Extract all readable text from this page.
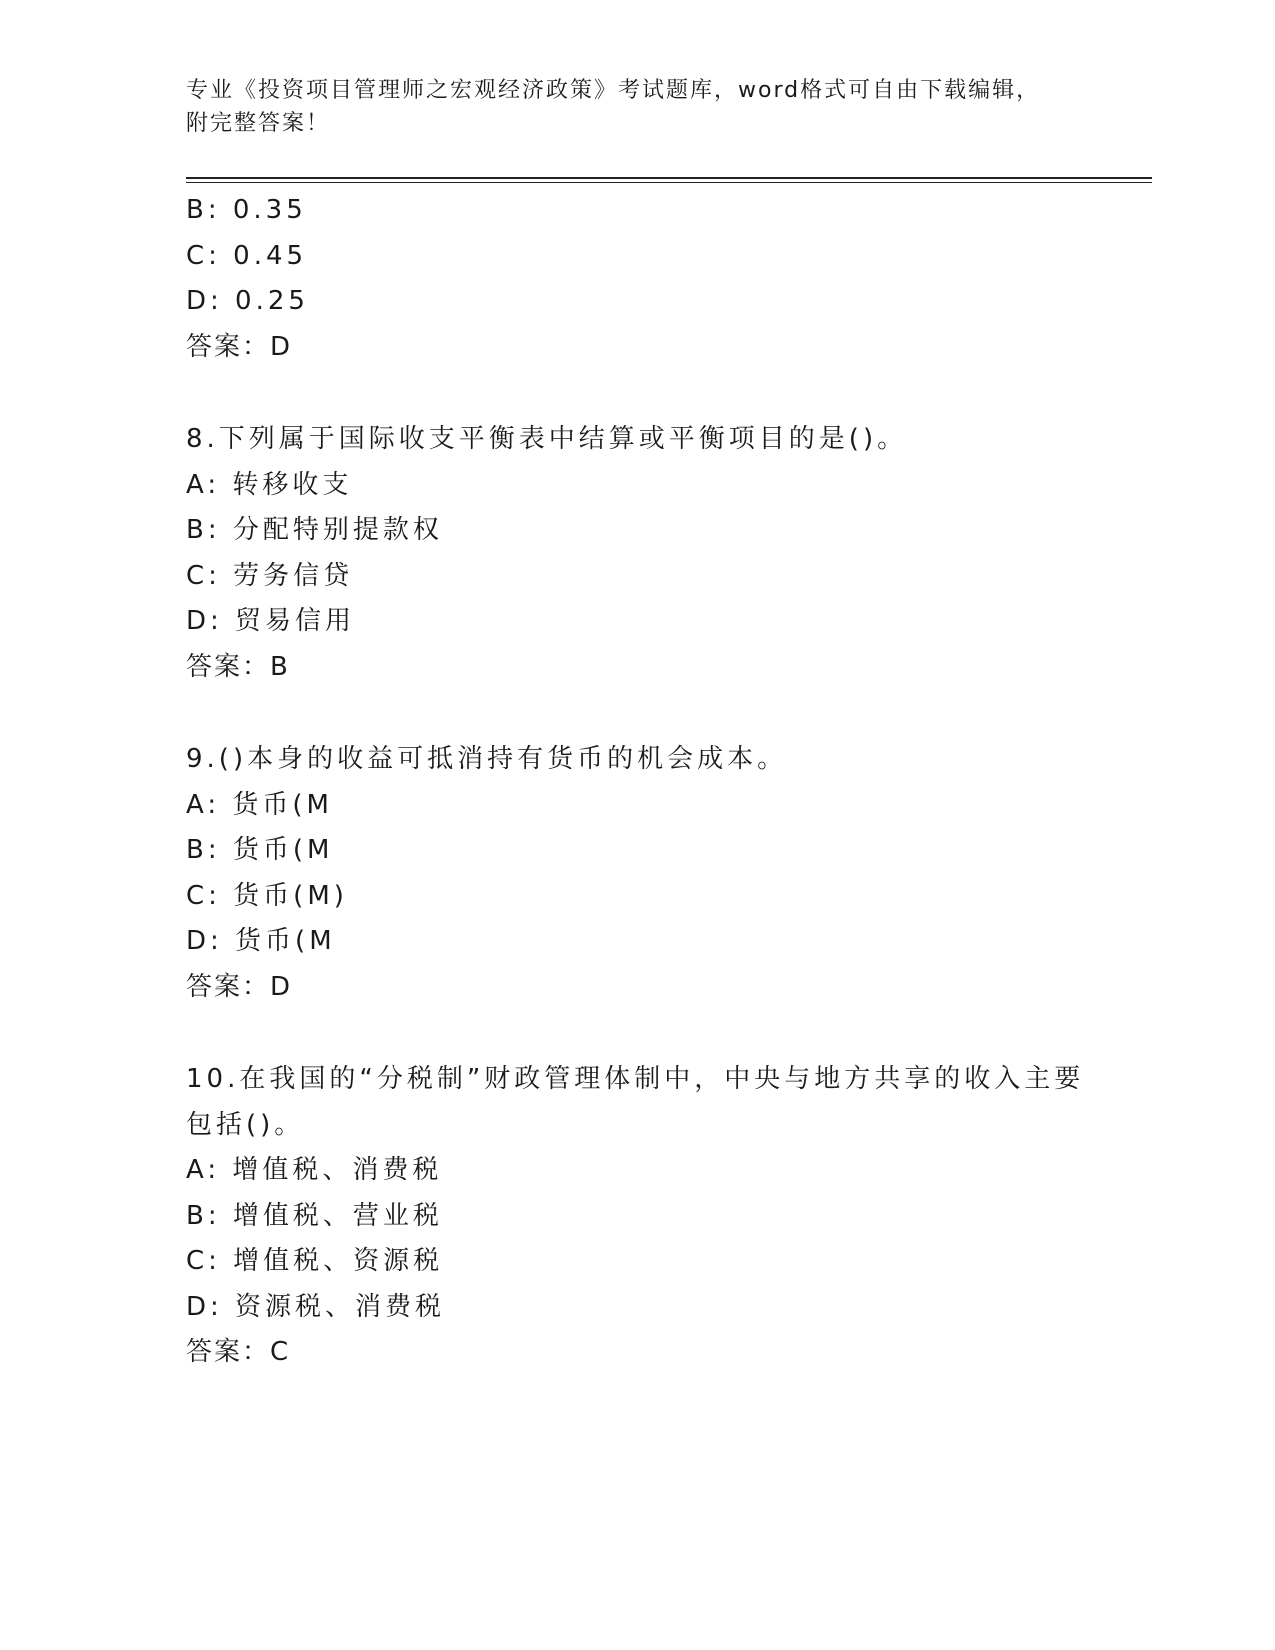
专业《投资项目管理师之宏观经济政策》考试题库，word格式可自由下载编辑，
附完整答案！
B: 0.35
C: 0.45
D: 0.25
答案：D
8.下列属于国际收支平衡表中结算或平衡项目的是()。
A: 转移收支
B: 分配特别提款权
C: 劳务信贷
D: 贸易信用
答案：B
9.()本身的收益可抵消持有货币的机会成本。
A: 货币(M
B: 货币(M
C: 货币(M)
D: 货币(M
答案：D
10.在我国的“分税制”财政管理体制中，中央与地方共享的收入主要
包括()。
A: 增值税、消费税
B: 增值税、营业税
C: 增值税、资源税
D: 资源税、消费税
答案：C
